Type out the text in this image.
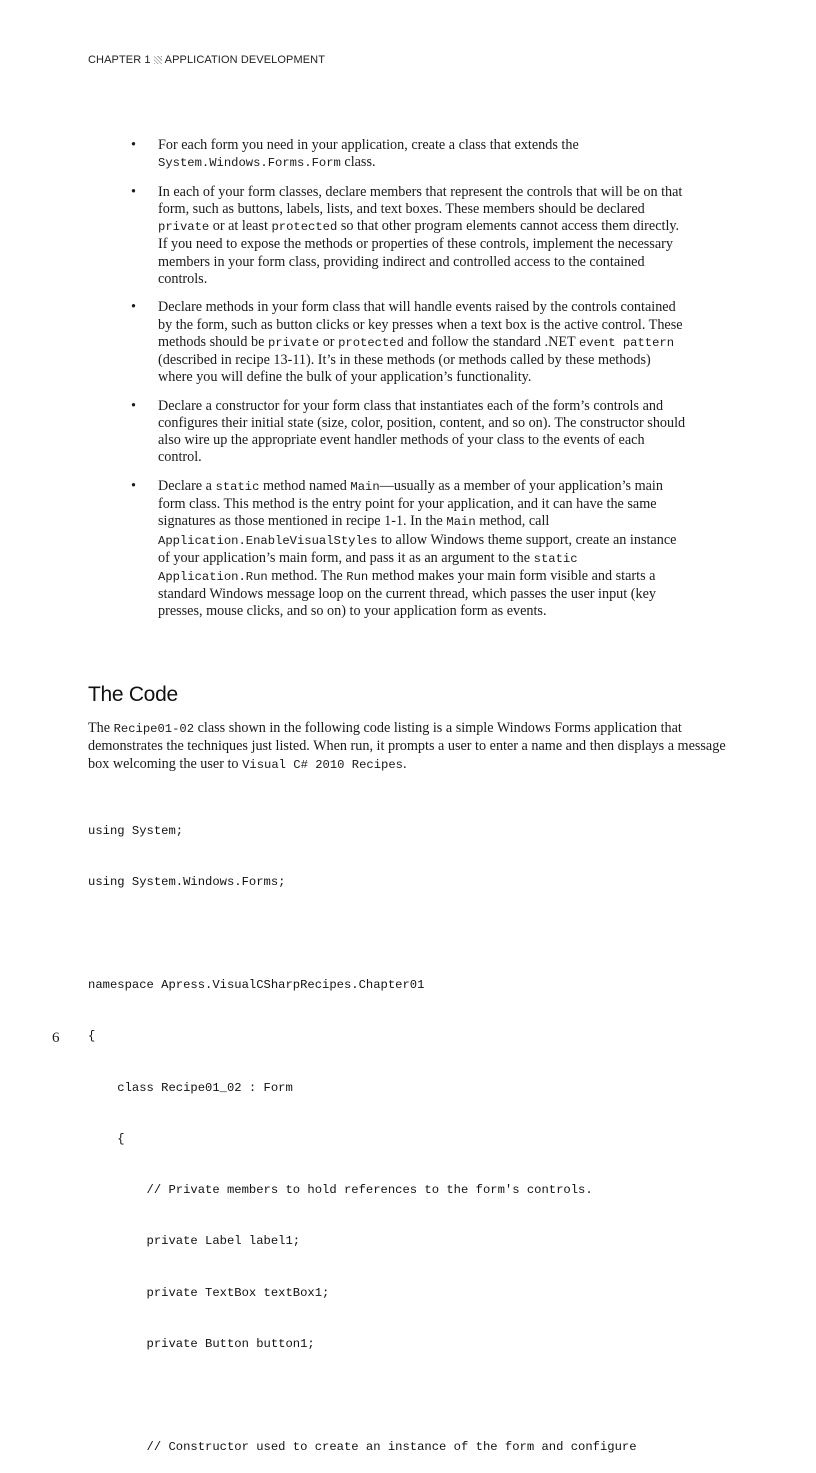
CHAPTER 1 APPLICATION DEVELOPMENT
• For each form you need in your application, create a class that extends the System.Windows.Forms.Form class.
• In each of your form classes, declare members that represent the controls that will be on that form, such as buttons, labels, lists, and text boxes. These members should be declared private or at least protected so that other program elements cannot access them directly. If you need to expose the methods or properties of these controls, implement the necessary members in your form class, providing indirect and controlled access to the contained controls.
• Declare methods in your form class that will handle events raised by the controls contained by the form, such as button clicks or key presses when a text box is the active control. These methods should be private or protected and follow the standard .NET event pattern (described in recipe 13-11). It’s in these methods (or methods called by these methods) where you will define the bulk of your application’s functionality.
• Declare a constructor for your form class that instantiates each of the form’s controls and configures their initial state (size, color, position, content, and so on). The constructor should also wire up the appropriate event handler methods of your class to the events of each control.
• Declare a static method named Main—usually as a member of your application’s main form class. This method is the entry point for your application, and it can have the same signatures as those mentioned in recipe 1-1. In the Main method, call Application.EnableVisualStyles to allow Windows theme support, create an instance of your application’s main form, and pass it as an argument to the static Application.Run method. The Run method makes your main form visible and starts a standard Windows message loop on the current thread, which passes the user input (key presses, mouse clicks, and so on) to your application form as events.
The Code

The Recipe01-02 class shown in the following code listing is a simple Windows Forms application that demonstrates the techniques just listed. When run, it prompts a user to enter a name and then displays a message box welcoming the user to Visual C# 2010 Recipes.

using System;

using System.Windows.Forms;

namespace Apress.VisualCSharpRecipes.Chapter01

{

class Recipe01_02 : Form

{

// Private members to hold references to the form's controls.

private Label label1;

private TextBox textBox1;

private Button button1;

// Constructor used to create an instance of the form and configure

6
